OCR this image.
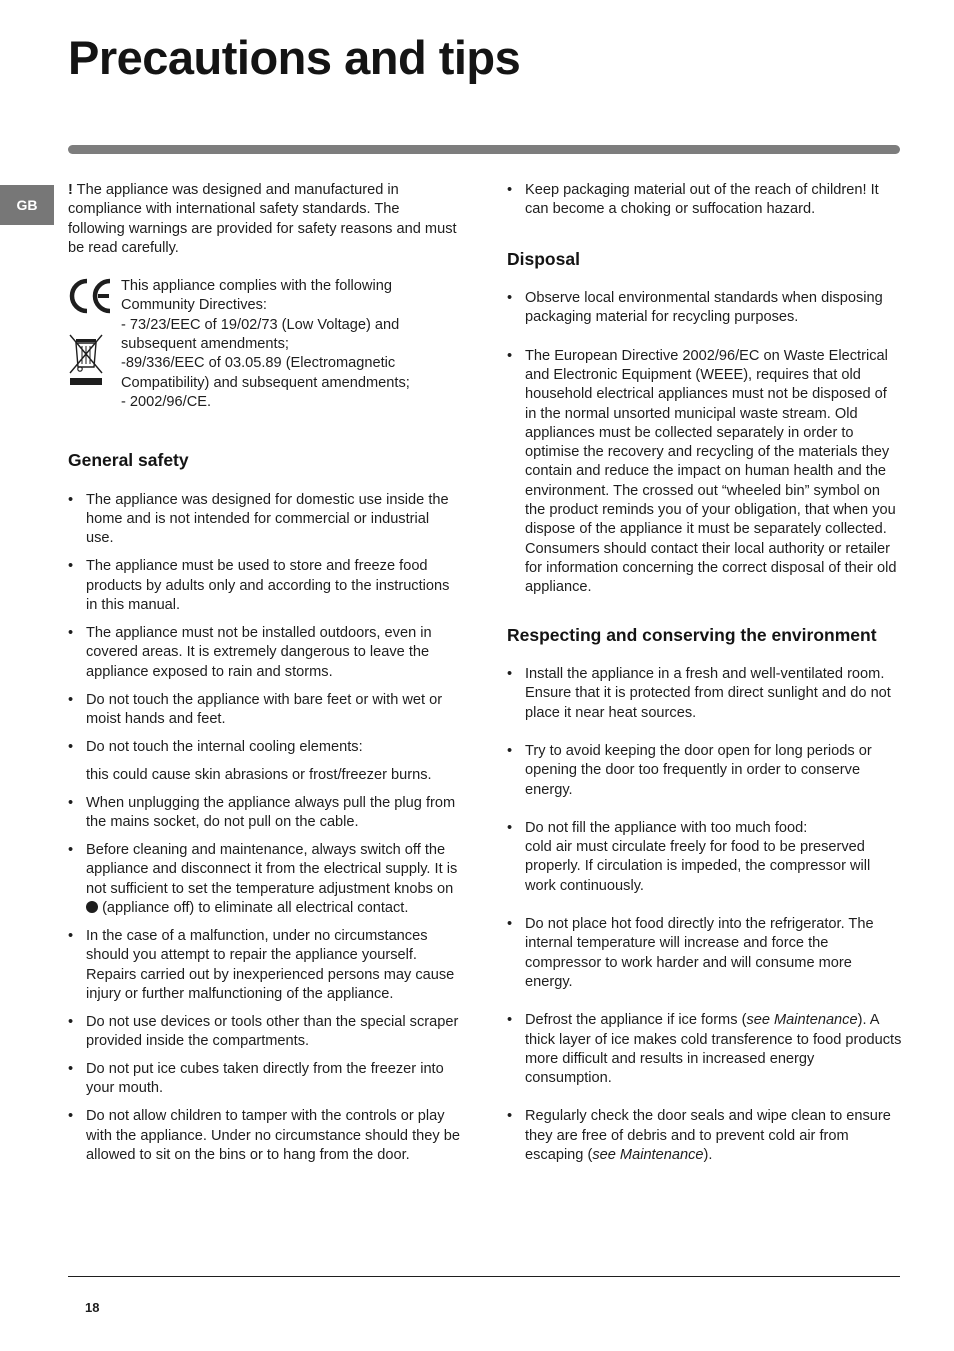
Precautions and tips
GB

! The appliance was designed and manufactured in compliance with international safety standards. The following warnings are provided for safety reasons and must be read carefully.

This appliance complies with the following Community Directives:

- 73/23/EEC of 19/02/73 (Low Voltage) and subsequent amendments;

-89/336/EEC of 03.05.89 (Electromagnetic Compatibility) and subsequent amendments;

- 2002/96/CE.

General safety
• The appliance was designed for domestic use inside the home and is not intended for commercial or industrial use.
• The appliance must be used to store and freeze food products by adults only and according to the instructions in this manual.
• The appliance must not be installed outdoors, even in covered areas. It is extremely dangerous to leave the appliance exposed to rain and storms.
• Do not touch the appliance with bare feet or with wet or moist hands and feet.
• Do not touch the internal cooling elements:
this could cause skin abrasions or frost/freezer burns.
• When unplugging the appliance always pull the plug from the mains socket, do not pull on the cable.
• Before cleaning and maintenance, always switch off the appliance and disconnect it from the electrical supply. It is not sufficient to set the temperature adjustment knobs on  (appliance off) to eliminate all electrical contact.
• In the case of a malfunction, under no circumstances should you attempt to repair the appliance yourself. Repairs carried out by inexperienced persons may cause injury or further malfunctioning of the appliance.
• Do not use devices or tools other than the special scraper provided inside the compartments.
• Do not put ice cubes taken directly from the freezer into your mouth.
• Do not allow children to tamper with the controls or play with the appliance. Under no circumstance should they be allowed to sit on the bins or to hang from the door.
• Keep packaging material out of the reach of children! It can become a choking or suffocation hazard.
Disposal
• Observe local environmental standards when disposing packaging material for recycling purposes.
• The European Directive 2002/96/EC on Waste Electrical and Electronic Equipment (WEEE), requires that old household electrical appliances must not be disposed of in the normal unsorted municipal waste stream. Old appliances must be collected separately in order to optimise the recovery and recycling of the materials they contain and reduce the impact on human health and the environment. The crossed out “wheeled bin” symbol on the product reminds you of your obligation, that when you dispose of the appliance it must be separately collected.
Consumers should contact their local authority or retailer for information concerning the correct disposal of their old appliance.
Respecting and conserving the environment
• Install the appliance in a fresh and well-ventilated room. Ensure that it is protected from direct sunlight and do not place it near heat sources.
• Try to avoid keeping the door open for long periods or opening the door too frequently in order to conserve energy.
• Do not fill the appliance with too much food:
cold air must circulate freely for food to be preserved properly. If circulation is impeded, the compressor will work continuously.
• Do not place hot food directly into the refrigerator. The internal temperature will increase and force the compressor to work harder and will consume more energy.
• Defrost the appliance if ice forms (see Maintenance). A thick layer of ice makes cold transference to food products more difficult and results in increased energy consumption.
• Regularly check the door seals and wipe clean to ensure they are free of debris and to prevent cold air from escaping (see Maintenance).
18
